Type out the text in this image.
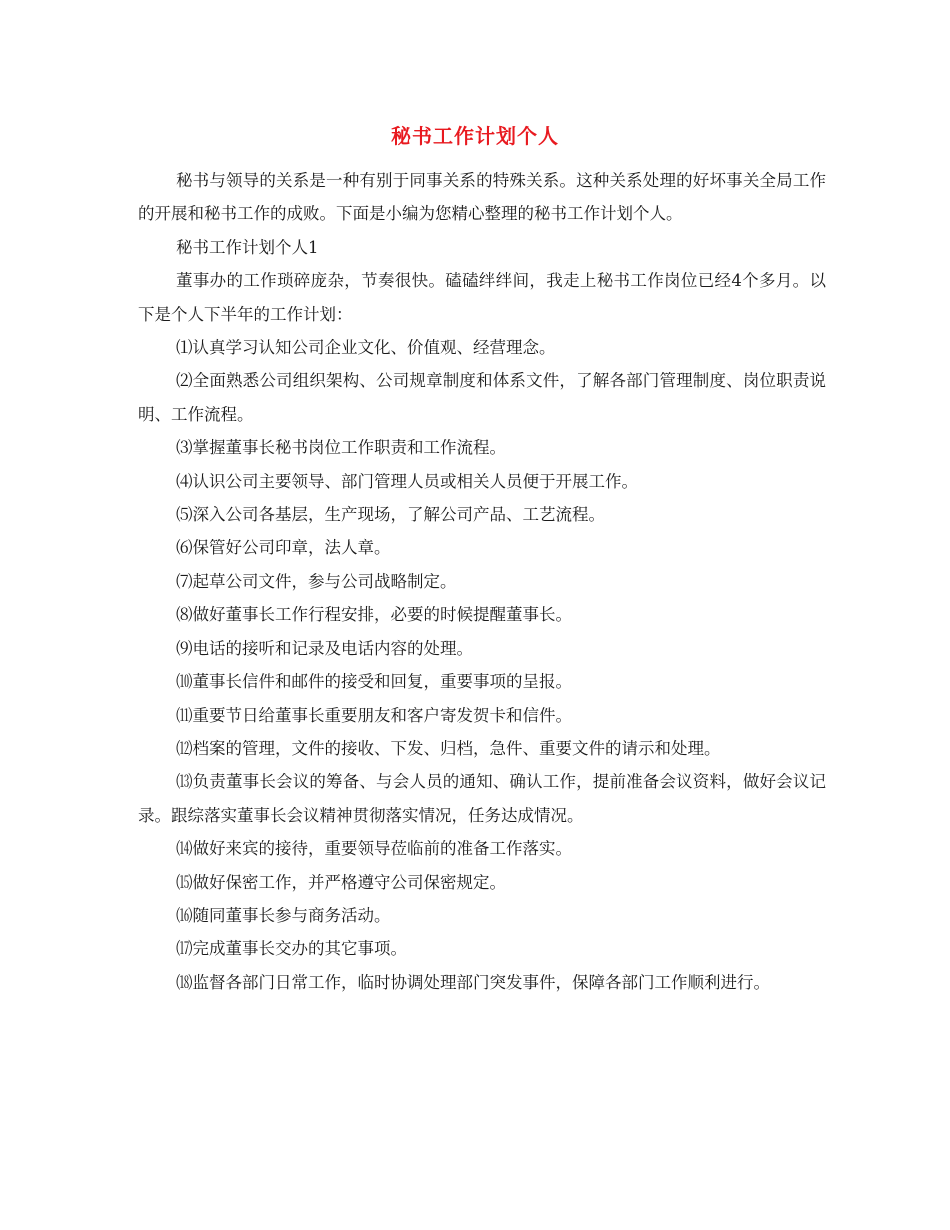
秘书工作计划个人

秘书与领导的关系是一种有别于同事关系的特殊关系。这种关系处理的好坏事关全局工作的开展和秘书工作的成败。下面是小编为您精心整理的秘书工作计划个人。

秘书工作计划个人1

董事办的工作琐碎庞杂，节奏很快。磕磕绊绊间，我走上秘书工作岗位已经4个多月。以下是个人下半年的工作计划：

⑴认真学习认知公司企业文化、价值观、经营理念。

⑵全面熟悉公司组织架构、公司规章制度和体系文件，了解各部门管理制度、岗位职责说明、工作流程。

⑶掌握董事长秘书岗位工作职责和工作流程。

⑷认识公司主要领导、部门管理人员或相关人员便于开展工作。

⑸深入公司各基层，生产现场，了解公司产品、工艺流程。

⑹保管好公司印章，法人章。

⑺起草公司文件，参与公司战略制定。

⑻做好董事长工作行程安排，必要的时候提醒董事长。

⑼电话的接听和记录及电话内容的处理。

⑽董事长信件和邮件的接受和回复，重要事项的呈报。

⑾重要节日给董事长重要朋友和客户寄发贺卡和信件。

⑿档案的管理，文件的接收、下发、归档，急件、重要文件的请示和处理。

⒀负责董事长会议的筹备、与会人员的通知、确认工作，提前准备会议资料，做好会议记录。跟综落实董事长会议精神贯彻落实情况，任务达成情况。

⒁做好来宾的接待，重要领导莅临前的准备工作落实。

⒂做好保密工作，并严格遵守公司保密规定。

⒃随同董事长参与商务活动。

⒄完成董事长交办的其它事项。

⒅监督各部门日常工作，临时协调处理部门突发事件，保障各部门工作顺利进行。
